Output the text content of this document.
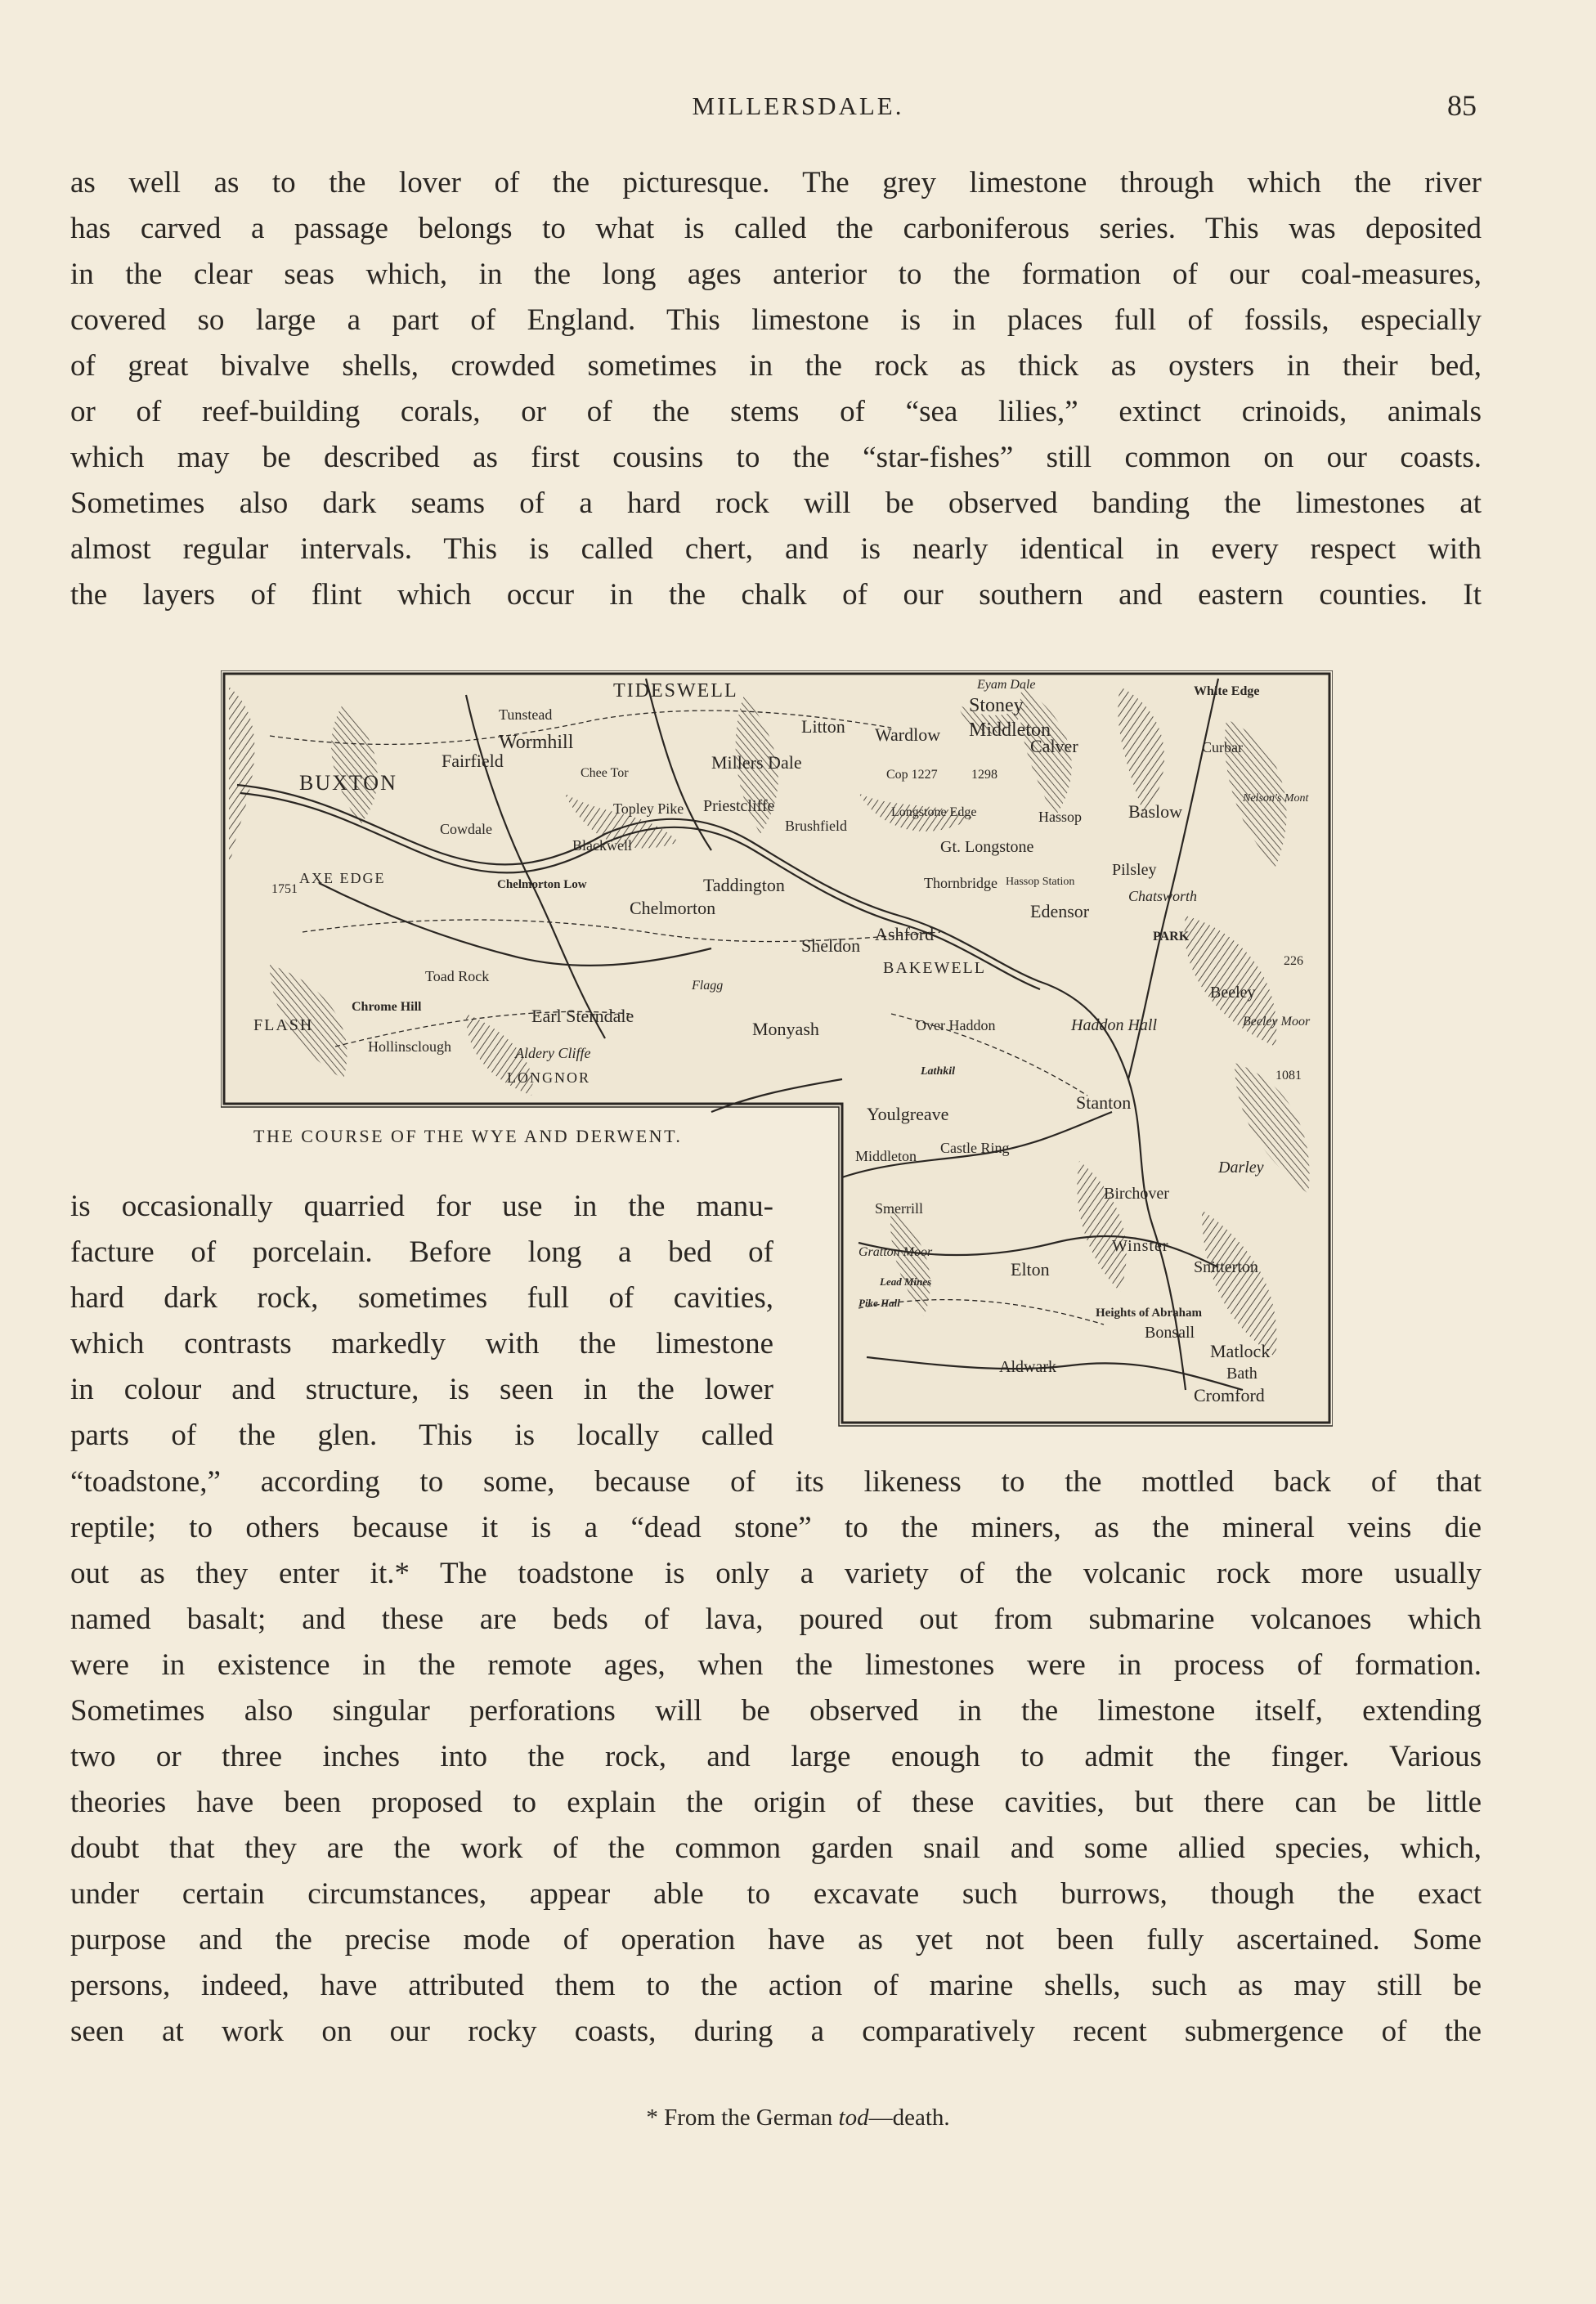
MILLERSDALE.	85
as well as to the lover of the picturesque. The grey limestone through which the river
has carved a passage belongs to what is called the carboniferous series. This was deposited
in the clear seas which, in the long ages anterior to the formation of our coal-measures,
covered so large a part of England. This limestone is in places full of fossils, especially
of great bivalve shells, crowded sometimes in the rock as thick as oysters in their bed,
or of reef-building corals, or of the stems of “sea lilies,” extinct crinoids, animals
which may be described as first cousins to the “star-fishes” still common on our coasts.
Sometimes also dark seams of a hard rock will be observed banding the limestones at
almost regular intervals. This is called chert, and is nearly identical in every respect with
the layers of flint which occur in the chalk of our southern and eastern counties. It
TIDESWELL	Eyam Dale
Stoney
Middleton
Calver
White Edge
Tunstead
Wormhill
Fairfield
Litton Wardlow
BUXTON	Chee Tor
Millers Dale
Cop 1227	1298
Curbar
Cowdale
Topley Pike Priestcliffe
Brushfield
Longstone Edge	Hassop	Baslow
Nelson's Mont
Blackwell	Gt. Longstone
Chelmorton Low	Taddington	Thornbridge Hassop Station
Pilsley
Chatsworth
AXE EDGE
1751
Chelmorton
Sheldon
Ashford
Edensor
PARK
226
Flagg
BAKEWELL
Toad Rock
Chrome Hill	Earl Sterndale
Monyash	Over Haddon	Haddon Hall
Beeley
Beeley Moor
FLASH
Hollinsclough	Aldery Cliffe
LONGNOR	Lathkil
Youlgreave
Stanton
Darley
Middleton Castle Ring
Smerrill
Birchover
Gratton Moor
Lead Mines
Elton
Winster
Snitterton
Pike Hall
Heights of Abraham
Bonsall
Matlock
Aldwark	Bath
Cromford
1081
THE COURSE OF THE WYE AND DERWENT.
is occasionally quarried for use in the manu-
facture of porcelain. Before long a bed of
hard dark rock, sometimes full of cavities,
which contrasts markedly with the limestone
in colour and structure, is seen in the lower
parts of the glen. This is locally called
“toadstone,” according to some, because of its likeness to the mottled back of that
reptile; to others because it is a “dead stone” to the miners, as the mineral veins die
out as they enter it.* The toadstone is only a variety of the volcanic rock more usually
named basalt; and these are beds of lava, poured out from submarine volcanoes which
were in existence in the remote ages, when the limestones were in process of formation.
Sometimes also singular perforations will be observed in the limestone itself, extending
two or three inches into the rock, and large enough to admit the finger. Various
theories have been proposed to explain the origin of these cavities, but there can be little
doubt that they are the work of the common garden snail and some allied species, which,
under certain circumstances, appear able to excavate such burrows, though the exact
purpose and the precise mode of operation have as yet not been fully ascertained. Some
persons, indeed, have attributed them to the action of marine shells, such as may still be
seen at work on our rocky coasts, during a comparatively recent submergence of the
* From the German tod—death.
